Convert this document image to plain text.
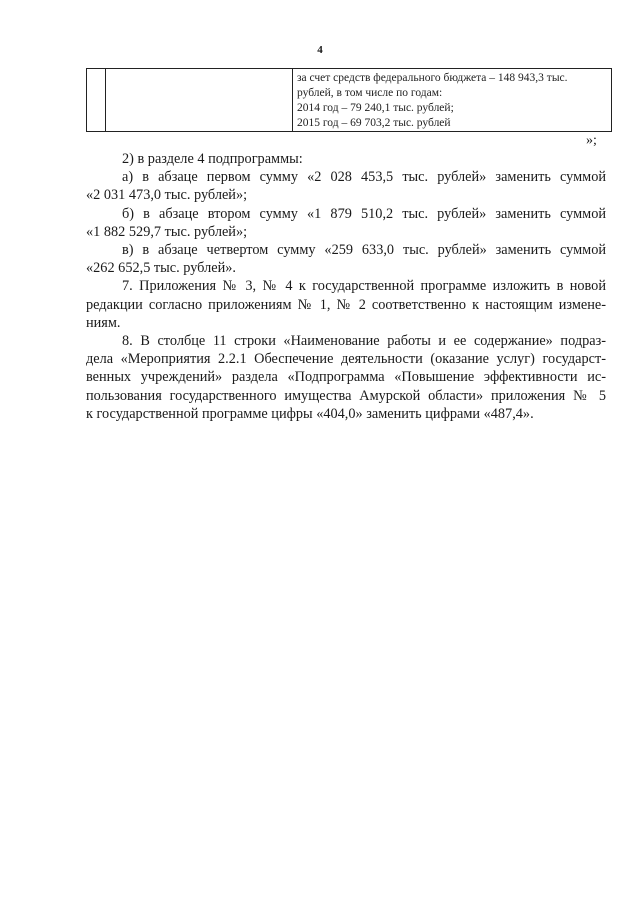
4

за счет средств федерального бюджета – 148 943,3 тыс.
рублей, в том числе по годам:
2014 год – 79 240,1 тыс. рублей;
2015 год – 69 703,2 тыс. рублей
»;

2) в разделе 4 подпрограммы:

а) в абзаце первом сумму «2 028 453,5 тыс. рублей» заменить суммой
«2 031 473,0 тыс. рублей»;

б) в абзаце втором сумму «1 879 510,2 тыс. рублей» заменить суммой
«1 882 529,7 тыс. рублей»;

в) в абзаце четвертом сумму «259 633,0 тыс. рублей» заменить суммой
«262 652,5 тыс. рублей».

7. Приложения № 3, № 4 к государственной программе изложить в новой
редакции согласно приложениям № 1, № 2 соответственно к настоящим измене-
ниям.

8. В столбце 11 строки «Наименование работы и ее содержание» подраз-
дела «Мероприятия 2.2.1 Обеспечение деятельности (оказание услуг) государст-
венных учреждений» раздела «Подпрограмма «Повышение эффективности ис-
пользования государственного имущества Амурской области» приложения № 5
к государственной программе цифры «404,0» заменить цифрами «487,4».
